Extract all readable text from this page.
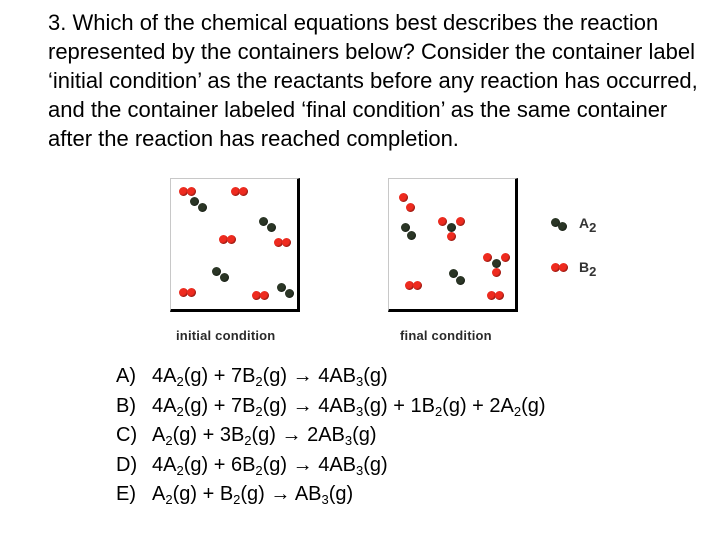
3. Which of the chemical equations best describes the reaction represented by the containers below? Consider the container label ‘initial condition’ as the reactants before any reaction has occurred, and the container labeled ‘final condition’ as the same container after the reaction has reached completion.

initial condition	final condition
$A_2$
$B_2$
A) $4A_2(g) + 7B_2(g) \to 4AB_3(g)$
B) $4A_2(g) + 7B_2(g) \to 4AB_3(g) + 1B_2(g) + 2A_2(g)$
C) $A_2(g) + 3B_2(g) \to 2AB_3(g)$
D) $4A_2(g) + 6B_2(g) \to 4AB_3(g)$
E) $A_2(g) + B_2(g) \to AB_3(g)$
